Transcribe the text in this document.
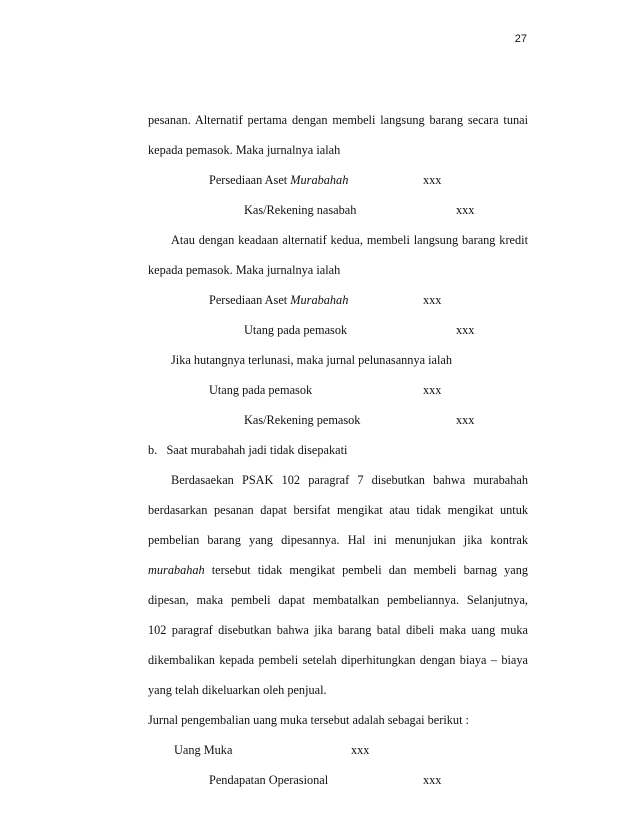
27
pesanan. Alternatif pertama dengan membeli langsung barang secara tunai
kepada pemasok. Maka jurnalnya ialah
Persediaan Aset Murabahah	xxx
Kas/Rekening nasabah	xxx
Atau dengan keadaan alternatif kedua, membeli langsung barang kredit
kepada pemasok. Maka jurnalnya ialah
Persediaan Aset Murabahah	xxx
Utang pada pemasok	xxx
Jika hutangnya terlunasi, maka jurnal pelunasannya ialah
Utang pada pemasok	xxx
Kas/Rekening pemasok	xxx
b.   Saat murabahah jadi tidak disepakati
Berdasaekan PSAK 102 paragraf 7 disebutkan bahwa murabahah
berdasarkan pesanan dapat bersifat mengikat atau tidak mengikat untuk
pembelian barang yang dipesannya. Hal ini menunjukan jika kontrak
murabahah tersebut tidak mengikat pembeli dan membeli barnag yang
dipesan, maka pembeli dapat membatalkan pembeliannya. Selanjutnya,
102 paragraf disebutkan bahwa jika barang batal dibeli maka uang muka
dikembalikan kepada pembeli setelah diperhitungkan dengan biaya – biaya
yang telah dikeluarkan oleh penjual.
Jurnal pengembalian uang muka tersebut adalah sebagai berikut :
Uang Muka	xxx
Pendapatan Operasional	xxx
